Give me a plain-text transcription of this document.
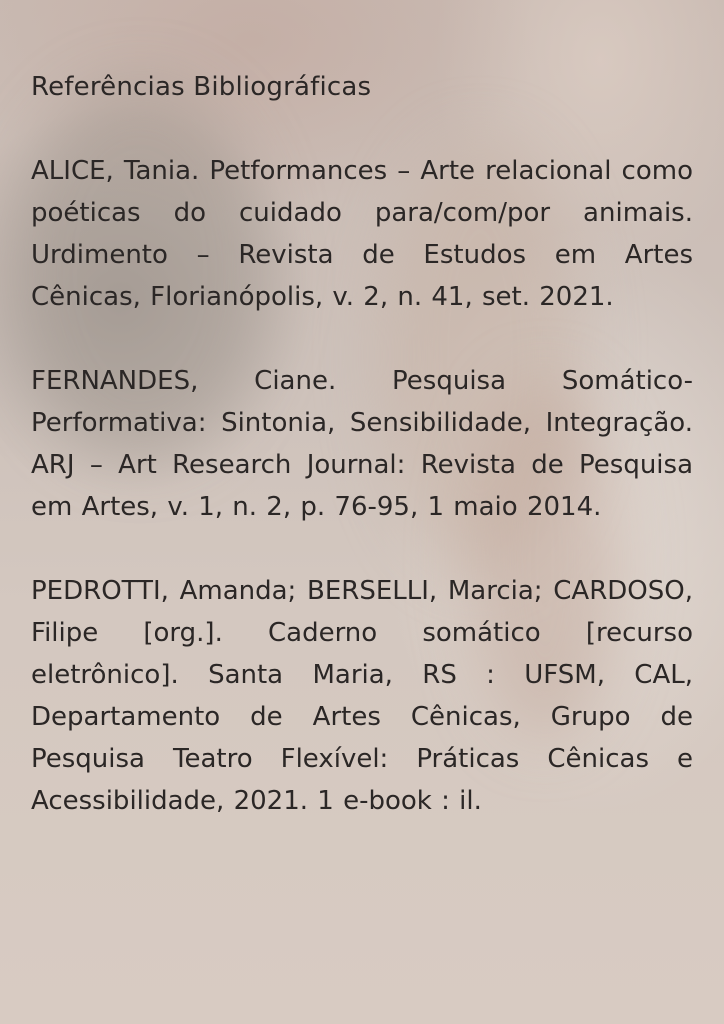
Referências Bibliográficas

ALICE, Tania. Petformances – Arte relacional como poéticas do cuidado para/com/por animais. Urdimento – Revista de Estudos em Artes Cênicas, Florianópolis, v. 2, n. 41, set. 2021.

FERNANDES, Ciane. Pesquisa Somático-Performativa: Sintonia, Sensibilidade, Integração. ARJ – Art Research Journal: Revista de Pesquisa em Artes, v. 1, n. 2, p. 76-95, 1 maio 2014.

PEDROTTI, Amanda; BERSELLI, Marcia; CARDOSO, Filipe [org.]. Caderno somático [recurso eletrônico]. Santa Maria, RS : UFSM, CAL, Departamento de Artes Cênicas, Grupo de Pesquisa Teatro Flexível: Práticas Cênicas e Acessibilidade, 2021. 1 e-book : il.
